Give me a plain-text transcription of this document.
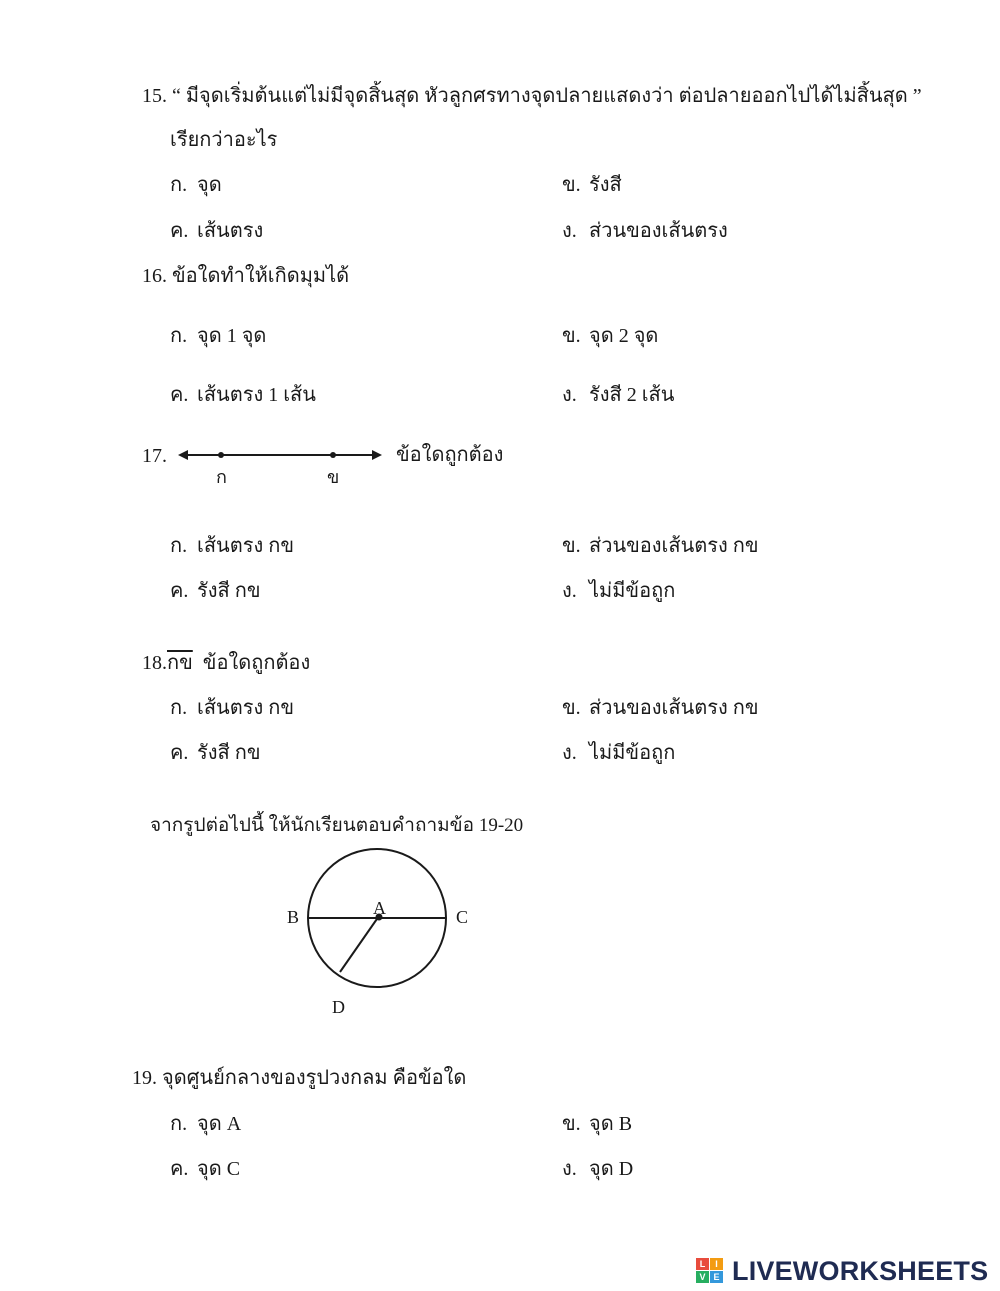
15. “ มีจุดเริ่มต้นแต่ไม่มีจุดสิ้นสุด หัวลูกศรทางจุดปลายแสดงว่า ต่อปลายออกไปได้ไม่สิ้นสุด ”
เรียกว่าอะไร
ก. จุด	ข. รังสี
ค. เส้นตรง	ง. ส่วนของเส้นตรง
16. ข้อใดทำให้เกิดมุมได้
ก. จุด 1 จุด	ข. จุด 2 จุด
ค. เส้นตรง 1 เส้น	ง. รังสี 2 เส้น
17.
ก	ข
ข้อใดถูกต้อง
ก. เส้นตรง กข	ข. ส่วนของเส้นตรง กข
ค. รังสี กข	ง. ไม่มีข้อถูก
18.กข ข้อใดถูกต้อง
ก. เส้นตรง กข	ข. ส่วนของเส้นตรง กข
ค. รังสี กข	ง. ไม่มีข้อถูก
จากรูปต่อไปนี้ ให้นักเรียนตอบคำถามข้อ 19-20
A
B	C
D
19. จุดศูนย์กลางของรูปวงกลม คือข้อใด
ก. จุด A	ข. จุด B
ค. จุด C	ง. จุด D
L	I
V E LIVEWORKSHEETS
